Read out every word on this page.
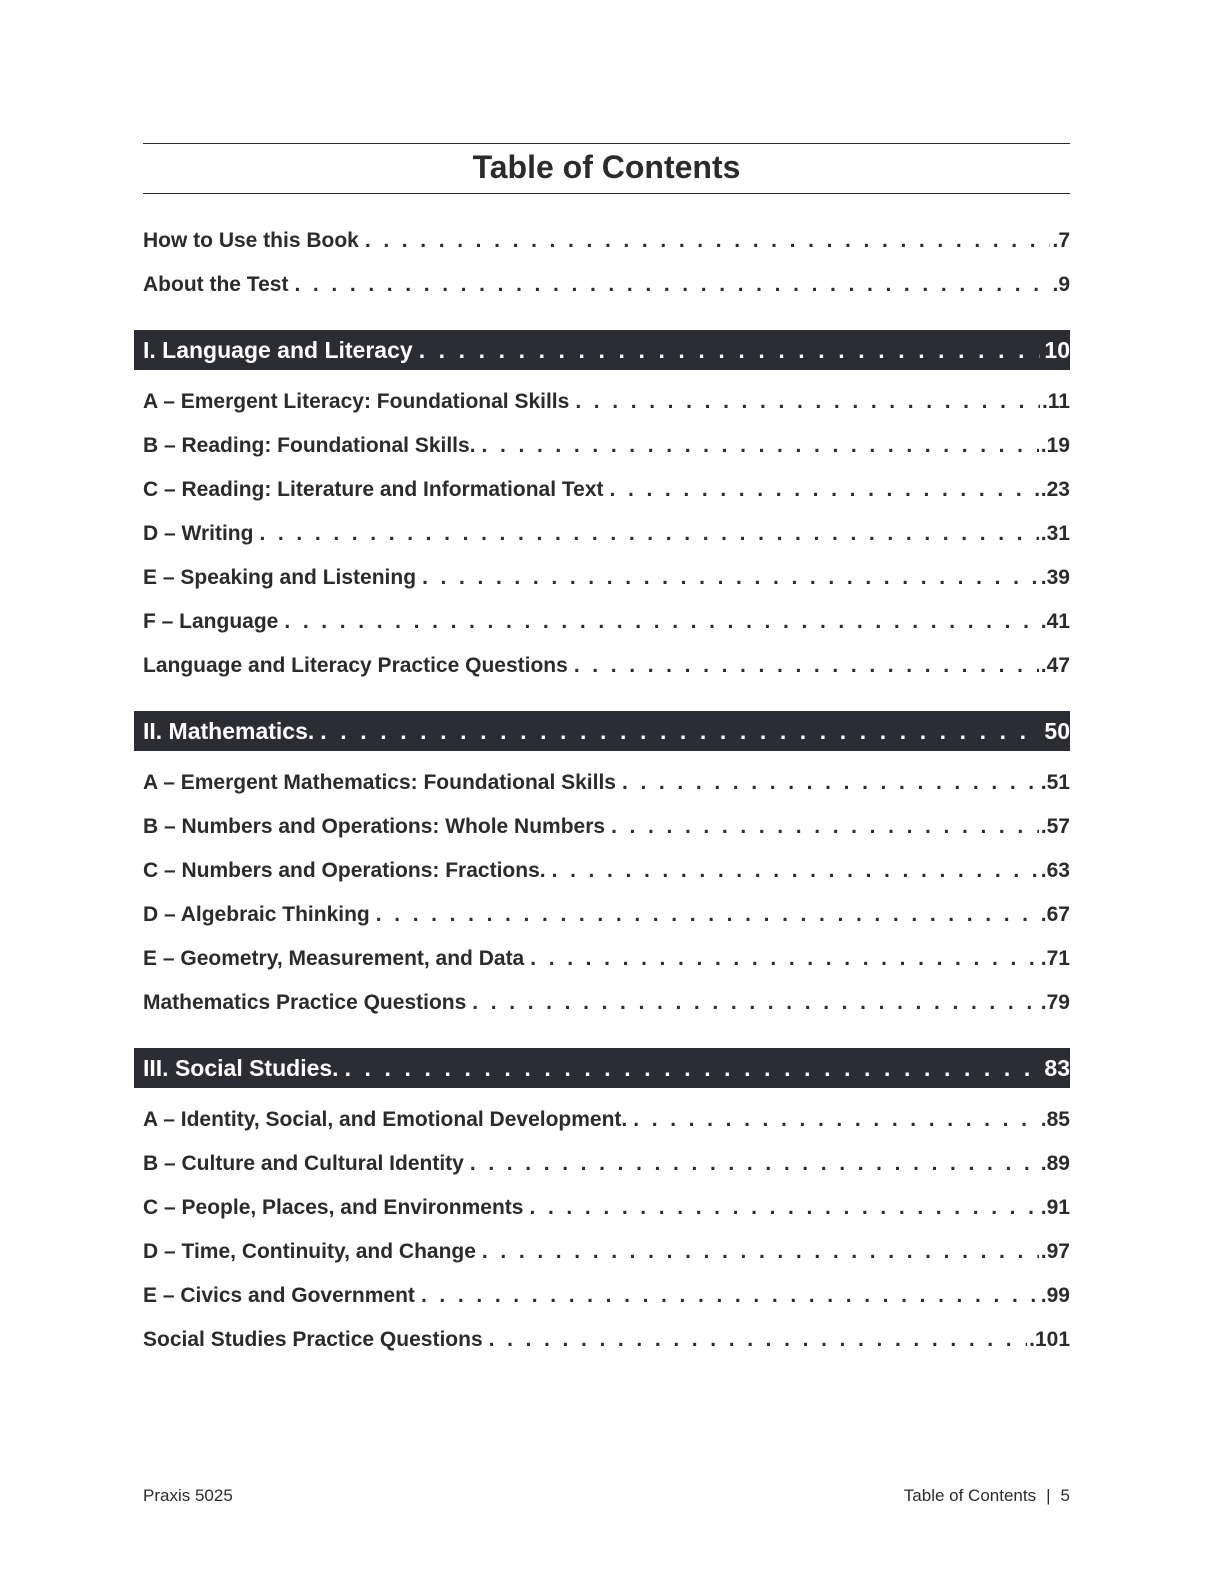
Table of Contents
How to Use this Book . . .	.7
About the Test . . .	.9
I. Language and Literacy . . .	10
A – Emergent Literacy: Foundational Skills . . .	.11
B – Reading: Foundational Skills. . . .	.19
C – Reading: Literature and Informational Text . . .	.23
D – Writing . . .	.31
E – Speaking and Listening . . .	.39
F – Language . . .	.41
Language and Literacy Practice Questions . . .	.47
II. Mathematics. . . .	50
A – Emergent Mathematics: Foundational Skills . . .	.51
B – Numbers and Operations: Whole Numbers . . .	.57
C – Numbers and Operations: Fractions. . . .	.63
D – Algebraic Thinking . . .	.67
E – Geometry, Measurement, and Data . . .	.71
Mathematics Practice Questions . . .	.79
III. Social Studies. . . .	83
A – Identity, Social, and Emotional Development. . . .	.85
B – Culture and Cultural Identity . . .	.89
C – People, Places, and Environments . . .	.91
D – Time, Continuity, and Change . . .	.97
E – Civics and Government . . .	.99
Social Studies Practice Questions . . .	.101
Praxis 5025	Table of Contents | 5
